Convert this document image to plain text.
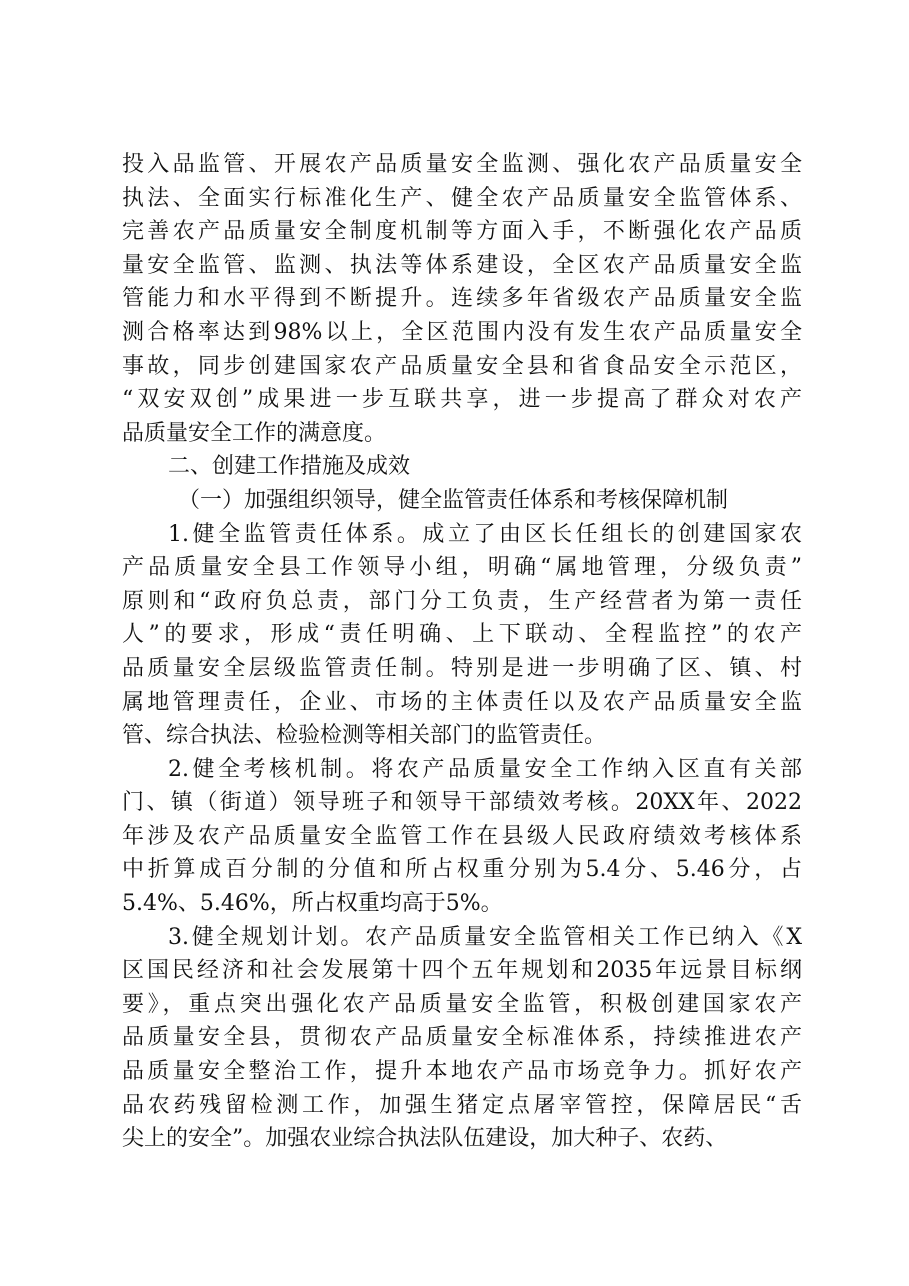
投入品监管、开展农产品质量安全监测、强化农产品质量安全
执法、全面实行标准化生产、健全农产品质量安全监管体系、
完善农产品质量安全制度机制等方面入手，不断强化农产品质
量安全监管、监测、执法等体系建设，全区农产品质量安全监
管能力和水平得到不断提升。连续多年省级农产品质量安全监
测合格率达到98%以上，全区范围内没有发生农产品质量安全
事故，同步创建国家农产品质量安全县和省食品安全示范区，
“双安双创”成果进一步互联共享，进一步提高了群众对农产
品质量安全工作的满意度。
二、创建工作措施及成效
（一）加强组织领导，健全监管责任体系和考核保障机制
1.健全监管责任体系。成立了由区长任组长的创建国家农
产品质量安全县工作领导小组，明确“属地管理，分级负责”
原则和“政府负总责，部门分工负责，生产经营者为第一责任
人”的要求，形成“责任明确、上下联动、全程监控”的农产
品质量安全层级监管责任制。特别是进一步明确了区、镇、村
属地管理责任，企业、市场的主体责任以及农产品质量安全监
管、综合执法、检验检测等相关部门的监管责任。
2.健全考核机制。将农产品质量安全工作纳入区直有关部
门、镇（街道）领导班子和领导干部绩效考核。20XX年、2022
年涉及农产品质量安全监管工作在县级人民政府绩效考核体系
中折算成百分制的分值和所占权重分别为5.4分、5.46分，占
5.4%、5.46%，所占权重均高于5%。
3.健全规划计划。农产品质量安全监管相关工作已纳入《X
区国民经济和社会发展第十四个五年规划和2035年远景目标纲
要》，重点突出强化农产品质量安全监管，积极创建国家农产
品质量安全县，贯彻农产品质量安全标准体系，持续推进农产
品质量安全整治工作，提升本地农产品市场竞争力。抓好农产
品农药残留检测工作，加强生猪定点屠宰管控，保障居民“舌
尖上的安全”。加强农业综合执法队伍建设，加大种子、农药、
